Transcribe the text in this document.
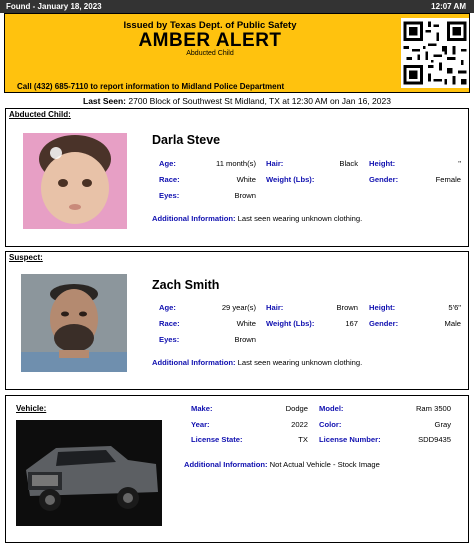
Found - January 18, 2023	12:07 AM
Issued by Texas Dept. of Public Safety
AMBER ALERT
Abducted Child
Call (432) 685-7110 to report information to Midland Police Department
Last Seen: 2700 Block of Southwest St Midland, TX at 12:30 AM on Jan 16, 2023
Abducted Child:
Darla Steve
Age:	11 month(s) Hair:	Black Height:	"
Race:	White Weight (Lbs):	Gender:	Female
Eyes:	Brown
Additional Information: Last seen wearing unknown clothing.
Suspect:
Zach Smith
Age:	29 year(s) Hair:	Brown Height:	5'6"
Race:	White Weight (Lbs):	167 Gender:	Male
Eyes:	Brown
Additional Information: Last seen wearing unknown clothing.
Vehicle:	Make:	Dodge Model:	Ram 3500
Year:	2022 Color:	Gray
License State:	TX License Number:	SDD9435
Additional Information: Not Actual Vehicle - Stock Image
